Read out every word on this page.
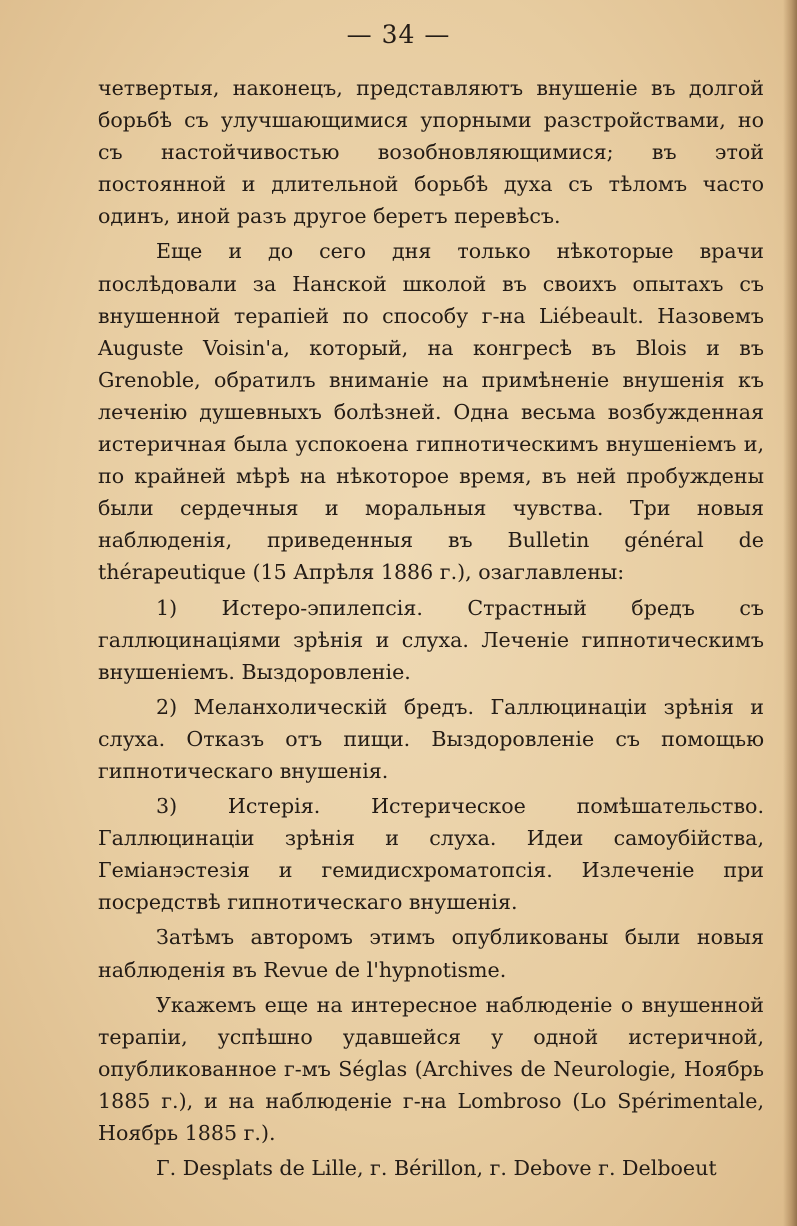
— 34 —

четвертыя, наконецъ, представляютъ внушеніе въ долгой борьбѣ съ улучшающимися упорными разстройствами, но съ настойчивостью возобновляющимися; въ этой постоянной и длительной борьбѣ духа съ тѣломъ часто одинъ, иной разъ другое беретъ перевѣсъ.

Еще и до сего дня только нѣкоторые врачи послѣдовали за Нанской школой въ своихъ опытахъ съ внушенной терапіей по способу г-на Liébeault. Назовемъ Auguste Voisin'а, который, на конгресѣ въ Blois и въ Grenoble, обратилъ вниманіе на примѣненіе внушенія къ леченію душевныхъ болѣзней. Одна весьма возбужденная истеричная была успокоена гипнотическимъ внушеніемъ и, по крайней мѣрѣ на нѣкоторое время, въ ней пробуждены были сердечныя и моральныя чувства. Три новыя наблюденія, приведенныя въ Bulletin général de thérapeutique (15 Апрѣля 1886 г.), озаглавлены:

1) Истеро-эпилепсія. Страстный бредъ съ галлюцинаціями зрѣнія и слуха. Леченіе гипнотическимъ внушеніемъ. Выздоровленіе.

2) Меланхолическій бредъ. Галлюцинаціи зрѣнія и слуха. Отказъ отъ пищи. Выздоровленіе съ помощью гипнотическаго внушенія.

3) Истерія. Истерическое помѣшательство. Галлюцинаціи зрѣнія и слуха. Идеи самоубійства, Геміанэстезія и гемидисхроматопсія. Излеченіе при посредствѣ гипнотическаго внушенія.

Затѣмъ авторомъ этимъ опубликованы были новыя наблюденія въ Revue de l'hypnotisme.

Укажемъ еще на интересное наблюденіе о внушенной терапіи, успѣшно удавшейся у одной истеричной, опубликованное г-мъ Séglas (Archives de Neurologie, Ноябрь 1885 г.), и на наблюденіе г-на Lombroso (Lo Spérimentale, Ноябрь 1885 г.).

Г. Desplats de Lille, г. Bérillon, г. Debove г. Delboeut
